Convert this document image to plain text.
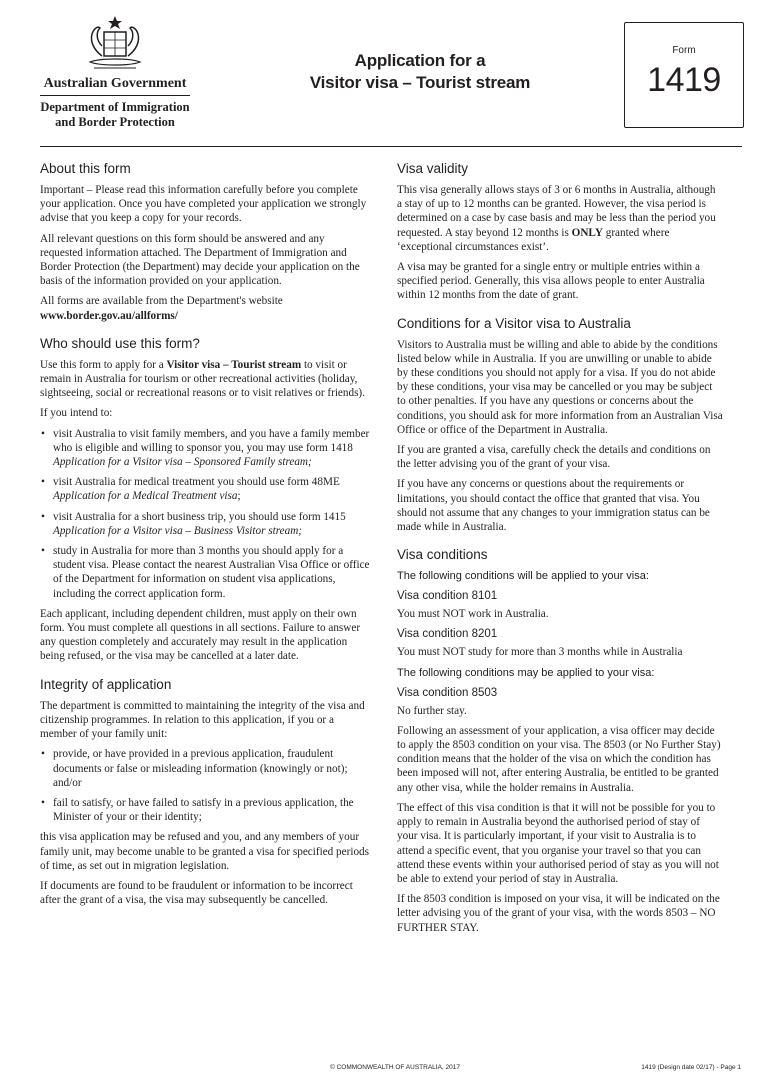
Australian Government
Department of Immigration and Border Protection
Application for a
Visitor visa – Tourist stream
Form
1419
About this form

Important – Please read this information carefully before you complete your application. Once you have completed your application we strongly advise that you keep a copy for your records.

All relevant questions on this form should be answered and any requested information attached. The Department of Immigration and Border Protection (the Department) may decide your application on the basis of the information provided on your application.

All forms are available from the Department's website
www.border.gov.au/allforms/

Who should use this form?

Use this form to apply for a Visitor visa – Tourist stream to visit or remain in Australia for tourism or other recreational activities (holiday, sightseeing, social or recreational reasons or to visit relatives or friends).

If you intend to:

• visit Australia to visit family members, and you have a family member who is eligible and willing to sponsor you, you may use form 1418 Application for a Visitor visa – Sponsored Family stream;
• visit Australia for medical treatment you should use form 48ME Application for a Medical Treatment visa;
• visit Australia for a short business trip, you should use form 1415 Application for a Visitor visa – Business Visitor stream;
• study in Australia for more than 3 months you should apply for a student visa. Please contact the nearest Australian Visa Office or office of the Department for information on student visa applications, including the correct application form.

Each applicant, including dependent children, must apply on their own form. You must complete all questions in all sections. Failure to answer any question completely and accurately may result in the application being refused, or the visa may be cancelled at a later date.

Integrity of application

The department is committed to maintaining the integrity of the visa and citizenship programmes. In relation to this application, if you or a member of your family unit:

• provide, or have provided in a previous application, fraudulent documents or false or misleading information (knowingly or not); and/or
• fail to satisfy, or have failed to satisfy in a previous application, the Minister of your or their identity;

this visa application may be refused and you, and any members of your family unit, may become unable to be granted a visa for specified periods of time, as set out in migration legislation.

If documents are found to be fraudulent or information to be incorrect after the grant of a visa, the visa may subsequently be cancelled.

Visa validity

This visa generally allows stays of 3 or 6 months in Australia, although a stay of up to 12 months can be granted. However, the visa period is determined on a case by case basis and may be less than the period you requested. A stay beyond 12 months is ONLY granted where ‘exceptional circumstances exist’.

A visa may be granted for a single entry or multiple entries within a specified period. Generally, this visa allows people to enter Australia within 12 months from the date of grant.

Conditions for a Visitor visa to Australia

Visitors to Australia must be willing and able to abide by the conditions listed below while in Australia. If you are unwilling or unable to abide by these conditions you should not apply for a visa. If you do not abide by these conditions, your visa may be cancelled or you may be subject to other penalties. If you have any questions or concerns about the conditions, you should ask for more information from an Australian Visa Office or office of the Department in Australia.

If you are granted a visa, carefully check the details and conditions on the letter advising you of the grant of your visa.

If you have any concerns or questions about the requirements or limitations, you should contact the office that granted that visa. You should not assume that any changes to your immigration status can be made while in Australia.

Visa conditions
The following conditions will be applied to your visa:
Visa condition 8101

You must NOT work in Australia.

Visa condition 8201

You must NOT study for more than 3 months while in Australia

The following conditions may be applied to your visa:
Visa condition 8503

No further stay.

Following an assessment of your application, a visa officer may decide to apply the 8503 condition on your visa. The 8503 (or No Further Stay) condition means that the holder of the visa on which the condition has been imposed will not, after entering Australia, be entitled to be granted any other visa, while the holder remains in Australia.

The effect of this visa condition is that it will not be possible for you to apply to remain in Australia beyond the authorised period of stay of your visa. It is particularly important, if your visit to Australia is to attend a specific event, that you organise your travel so that you can attend these events within your authorised period of stay as you will not be able to extend your period of stay in Australia.

If the 8503 condition is imposed on your visa, it will be indicated on the letter advising you of the grant of your visa, with the words 8503 – NO FURTHER STAY.

© COMMONWEALTH OF AUSTRALIA, 2017	1419 (Design date 02/17) - Page 1
